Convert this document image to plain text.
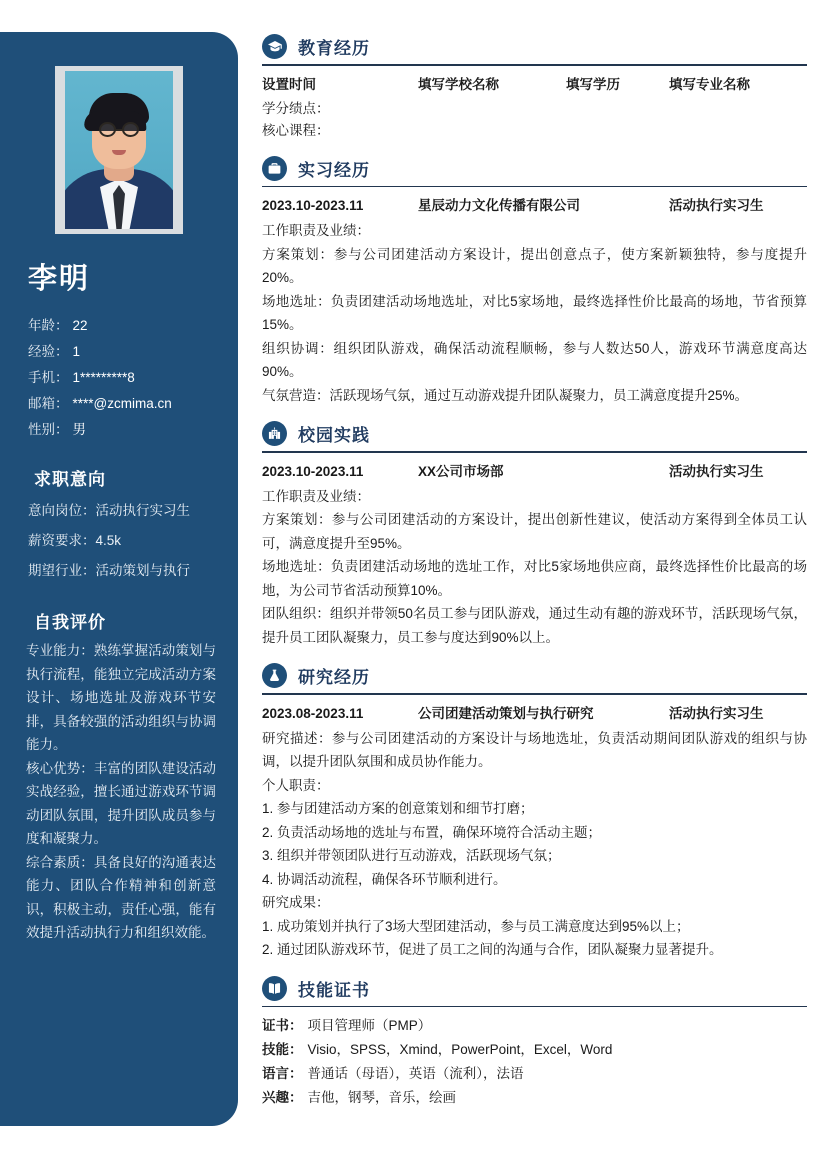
李明
年龄： 22
经验： 1
手机： 1*********8
邮箱： ****@zcmima.cn
性别： 男
求职意向
意向岗位：活动执行实习生
薪资要求：4.5k
期望行业：活动策划与执行
自我评价
专业能力：熟练掌握活动策划与执行流程，能独立完成活动方案设计、场地选址及游戏环节安排，具备较强的活动组织与协调能力。
核心优势：丰富的团队建设活动实战经验，擅长通过游戏环节调动团队氛围，提升团队成员参与度和凝聚力。
综合素质：具备良好的沟通表达能力、团队合作精神和创新意识，积极主动，责任心强，能有效提升活动执行力和组织效能。
教育经历
设置时间	填写学校名称	填写学历	填写专业名称
学分绩点：
核心课程：
实习经历
2023.10-2023.11	星辰动力文化传播有限公司	活动执行实习生
工作职责及业绩：
方案策划：参与公司团建活动方案设计，提出创意点子，使方案新颖独特，参与度提升20%。
场地选址：负责团建活动场地选址，对比5家场地，最终选择性价比最高的场地，节省预算15%。
组织协调：组织团队游戏，确保活动流程顺畅，参与人数达50人，游戏环节满意度高达90%。
气氛营造：活跃现场气氛，通过互动游戏提升团队凝聚力，员工满意度提升25%。
校园实践
2023.10-2023.11	XX公司市场部	活动执行实习生
工作职责及业绩：
方案策划：参与公司团建活动的方案设计，提出创新性建议，使活动方案得到全体员工认可，满意度提升至95%。
场地选址：负责团建活动场地的选址工作，对比5家场地供应商，最终选择性价比最高的场地，为公司节省活动预算10%。
团队组织：组织并带领50名员工参与团队游戏，通过生动有趣的游戏环节，活跃现场气氛，提升员工团队凝聚力，员工参与度达到90%以上。
研究经历
2023.08-2023.11	公司团建活动策划与执行研究	活动执行实习生
研究描述：参与公司团建活动的方案设计与场地选址，负责活动期间团队游戏的组织与协调，以提升团队氛围和成员协作能力。
个人职责：
1. 参与团建活动方案的创意策划和细节打磨；
2. 负责活动场地的选址与布置，确保环境符合活动主题；
3. 组织并带领团队进行互动游戏，活跃现场气氛；
4. 协调活动流程，确保各环节顺利进行。
研究成果：
1. 成功策划并执行了3场大型团建活动，参与员工满意度达到95%以上；
2. 通过团队游戏环节，促进了员工之间的沟通与合作，团队凝聚力显著提升。
技能证书
证书： 项目管理师（PMP）
技能： Visio，SPSS，Xmind，PowerPoint，Excel，Word
语言： 普通话（母语），英语（流利），法语
兴趣： 吉他，钢琴，音乐，绘画
